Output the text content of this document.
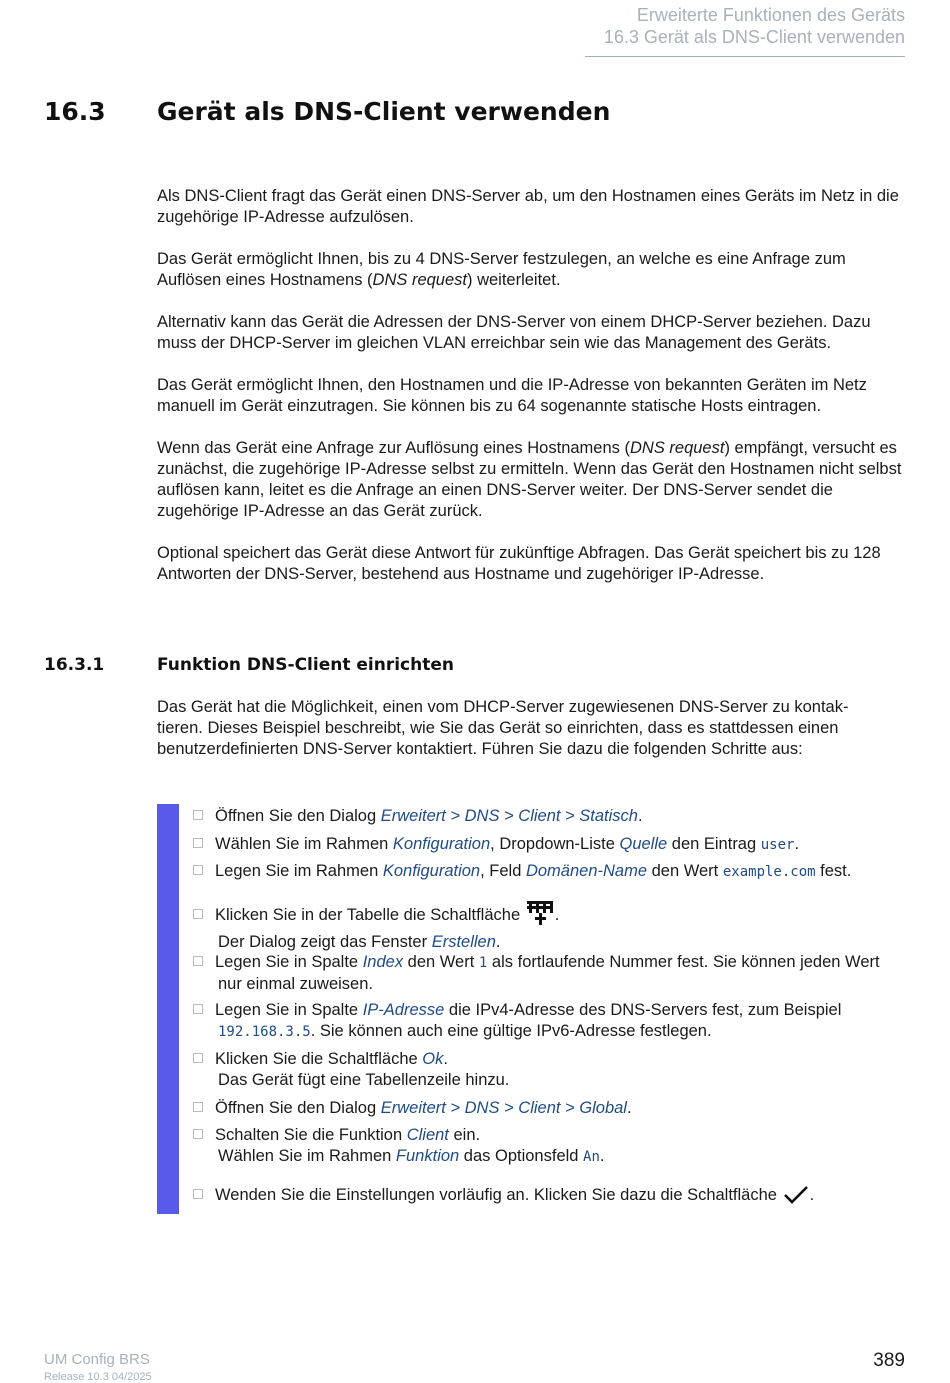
Erweiterte Funktionen des Geräts
16.3 Gerät als DNS-Client verwenden
16.3 Gerät als DNS-Client verwenden

Als DNS-Client fragt das Gerät einen DNS-Server ab, um den Hostnamen eines Geräts im Netz in die zugehörige IP-Adresse aufzulösen.

Das Gerät ermöglicht Ihnen, bis zu 4 DNS-Server festzulegen, an welche es eine Anfrage zum Auflösen eines Hostnamens (DNS request) weiterleitet.

Alternativ kann das Gerät die Adressen der DNS-Server von einem DHCP-Server beziehen. Dazu muss der DHCP-Server im gleichen VLAN erreichbar sein wie das Management des Geräts.

Das Gerät ermöglicht Ihnen, den Hostnamen und die IP-Adresse von bekannten Geräten im Netz manuell im Gerät einzutragen. Sie können bis zu 64 sogenannte statische Hosts eintragen.

Wenn das Gerät eine Anfrage zur Auflösung eines Hostnamens (DNS request) empfängt, versucht es zunächst, die zugehörige IP-Adresse selbst zu ermitteln. Wenn das Gerät den Hostnamen nicht selbst auflösen kann, leitet es die Anfrage an einen DNS-Server weiter. Der DNS-Server sendet die zugehörige IP-Adresse an das Gerät zurück.

Optional speichert das Gerät diese Antwort für zukünftige Abfragen. Das Gerät speichert bis zu 128 Antworten der DNS-Server, bestehend aus Hostname und zugehöriger IP-Adresse.

16.3.1	Funktion DNS-Client einrichten

Das Gerät hat die Möglichkeit, einen vom DHCP-Server zugewiesenen DNS-Server zu kontak-tieren. Dieses Beispiel beschreibt, wie Sie das Gerät so einrichten, dass es stattdessen einen benutzerdefinierten DNS-Server kontaktiert. Führen Sie dazu die folgenden Schritte aus:

Öffnen Sie den Dialog Erweitert > DNS > Client > Statisch.
Wählen Sie im Rahmen Konfiguration, Dropdown-Liste Quelle den Eintrag user.
Legen Sie im Rahmen Konfiguration, Feld Domänen-Name den Wert example.com fest.
Klicken Sie in der Tabelle die Schaltfläche .
Der Dialog zeigt das Fenster Erstellen.
Legen Sie in Spalte Index den Wert 1 als fortlaufende Nummer fest. Sie können jeden Wert
nur einmal zuweisen.
Legen Sie in Spalte IP-Adresse die IPv4-Adresse des DNS-Servers fest, zum Beispiel
192.168.3.5. Sie können auch eine gültige IPv6-Adresse festlegen.
Klicken Sie die Schaltfläche Ok.
Das Gerät fügt eine Tabellenzeile hinzu.
Öffnen Sie den Dialog Erweitert > DNS > Client > Global.
Schalten Sie die Funktion Client ein.
Wählen Sie im Rahmen Funktion das Optionsfeld An.
Wenden Sie die Einstellungen vorläufig an. Klicken Sie dazu die Schaltfläche .
UM Config BRS
Release 10.3 04/2025
389
